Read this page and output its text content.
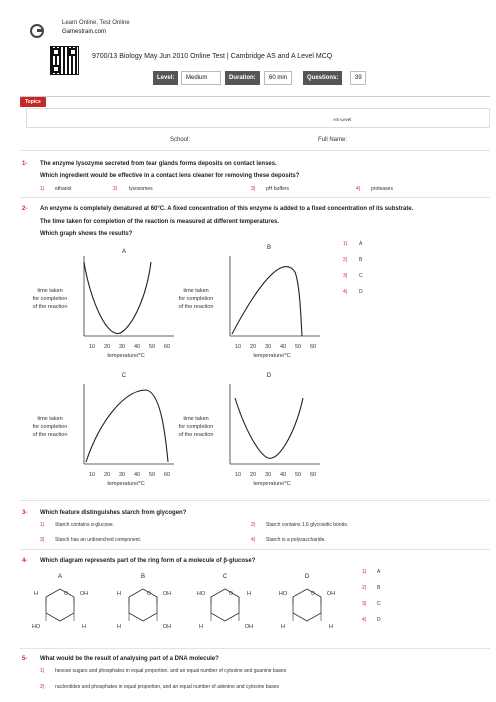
Learn Online, Test Online
Gamestrain.com
9700/13 Biology May Jun 2010 Online Test | Cambridge AS and A Level MCQ
Level:	Medium	Duration:	60 min	Questions:	39
Topics
AS-Level
School:	Full Name:
1- The enzyme lysozyme secreted from tear glands forms deposits on contact lenses.
Which ingredient would be effective in a contact lens cleaner for removing these deposits?
1) ethanol	2) lysosomes	3) pH buffers	4) proteases
2- An enzyme is completely denatured at 60°C. A fixed concentration of this enzyme is added to a fixed concentration of its substrate.
The time taken for completion of the reaction is measured at different temperatures.
Which graph shows the results?
1) A
2) B
3) C
4) D
A
time taken
for completion
of the reaction
10 20 30 40 50 60
temperature/°C
B
time taken
for completion
of the reaction
10 20 30 40 50 60
temperature/°C
C
time taken
for completion
of the reaction
10 20 30 40 50 60
temperature/°C
D
time taken
for completion
of the reaction
10 20 30 40 50 60
temperature/°C
A
O
H	OH
HO	H
B
O
H	OH
H	OH
C
O
HO	H
H	OH
D
O
HO	OH
H	H
3- Which feature distinguishes starch from glycogen?
1) Starch contains α-glucose.	2) Starch contains 1,6 glycosidic bonds.
3) Starch has an unbranched component.	4) Starch is a polysaccharide.
4- Which diagram represents part of the ring form of a molecule of β-glucose?
1) A
2) B
3) C
4) D
5- What would be the result of analysing part of a DNA molecule?
1) hexose sugars and phosphates in equal proportion, and an equal number of cytosine and guanine bases
2) nucleotides and phosphates in equal proportion, and an equal number of adenine and cytosine bases
